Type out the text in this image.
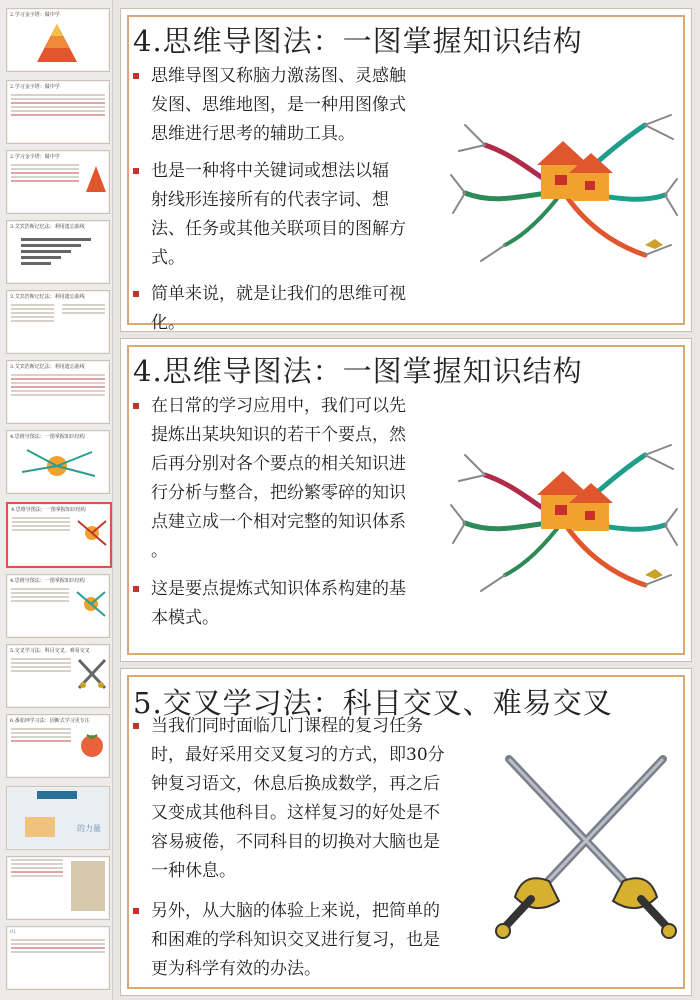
2.学习金字塔：做中学
2.学习金字塔：做中学
2.学习金字塔：做中学
3.艾宾浩斯记忆法：利用遗忘曲线
3.艾宾浩斯记忆法：利用遗忘曲线
3.艾宾浩斯记忆法：利用遗忘曲线
4.思维导图法：一图掌握知识结构
4.思维导图法：一图掌握知识结构
4.思维导图法：一图掌握知识结构
5.交叉学习法：科目交叉、难易交叉
6.番茄钟学习法：因断式学习更专注
的力量
01
4.思维导图法：一图掌握知识结构
思维导图又称脑力激荡图、灵感触
发图、思维地图，是一种用图像式
思维进行思考的辅助工具。
也是一种将中关键词或想法以辐
射线形连接所有的代表字词、想
法、任务或其他关联项目的图解方
式。
简单来说，就是让我们的思维可视
化。
4.思维导图法：一图掌握知识结构
在日常的学习应用中，我们可以先
提炼出某块知识的若干个要点，然
后再分别对各个要点的相关知识进
行分析与整合，把纷繁零碎的知识
点建立成一个相对完整的知识体系
。
这是要点提炼式知识体系构建的基
本模式。
5.交叉学习法：科目交叉、难易交叉
当我们同时面临几门课程的复习任务
时，最好采用交叉复习的方式，即30分
钟复习语文，休息后换成数学，再之后
又变成其他科目。这样复习的好处是不
容易疲倦，不同科目的切换对大脑也是
一种休息。
另外，从大脑的体验上来说，把简单的
和困难的学科知识交叉进行复习，也是
更为科学有效的办法。
